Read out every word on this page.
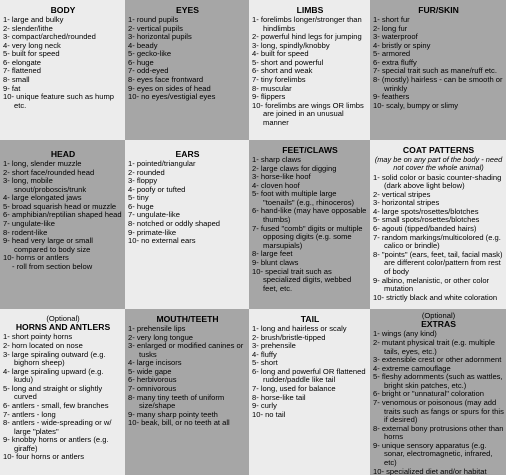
BODY
1- large and bulky
2- slender/lithe
3- compact/arched/rounded
4- very long neck
5- built for speed
6- elongate
7- flattened
8- small
9- fat
10- unique feature such as hump etc.
EYES
1- round pupils
2- vertical pupils
3- horizontal pupils
4- beady
5- gecko-like
6- huge
7- odd-eyed
8- eyes face frontward
9- eyes on sides of head
10- no eyes/vestigial eyes
LIMBS
1- forelimbs longer/stronger than hindlimbs
2- powerful hind legs for jumping
3- long, spindly/knobby
4- built for speed
5- short and powerful
6- short and weak
7- tiny forelimbs
8- muscular
9- flippers
10- forelimbs are wings OR limbs are joined in an unusual manner
FUR/SKIN
1- short fur
2- long fur
3- waterproof
4- bristly or spiny
5- armored
6- extra fluffy
7- special trait such as mane/ruff etc.
8- (mostly) hairless - can be smooth or wrinkly
9- feathers
10- scaly, bumpy or slimy
HEAD
1- long, slender muzzle
2- short face/rounded head
3- long, mobile snout/proboscis/trunk
4- large elongated jaws
5- broad squarish head or muzzle
6- amphibian/reptilian shaped head
7- ungulate-like
8- rodent-like
9- head very large or small compared to body size
10- horns or antlers
- roll from section below
EARS
1- pointed/triangular
2- rounded
3- floppy
4- poofy or tufted
5- tiny
6- huge
7- ungulate-like
8- notched or oddly shaped
9- primate-like
10- no external ears
FEET/CLAWS
1- sharp claws
2- large claws for digging
3- horse-like hoof
4- cloven hoof
5- foot with multiple large "toenails" (e.g., rhinoceros)
6- hand-like (may have opposable thumbs)
7- fused "comb" digits or multiple opposing digits (e.g. some marsupials)
8- large feet
9- blunt claws
10- special trait such as specialized digits, webbed feet, etc.
COAT PATTERNS
(may be on any part of the body - need not cover the whole animal)
1- solid color or basic counter-shading (dark above light below)
2- vertical stripes
3- horizontal stripes
4- large spots/rosettes/blotches
5- small spots/rosettes/blotches
6- agouti (tipped/banded hairs)
7- random markings/multicolored (e.g. calico or brindle)
8- "points" (ears, feet, tail, facial mask) are different color/pattern from rest of body
9- albino, melanistic, or other color mutation
10- strictly black and white coloration
(Optional)
HORNS AND ANTLERS
1- short pointy horns
2- horn located on nose
3- large spiraling outward (e.g. bighorn sheep)
4- large spiraling upward (e.g. kudu)
5- long and straight or slightly curved
6- antlers - small, few branches
7- antlers - long
8- antlers - wide-spreading or w/ large "plates"
9- knobby horns or antlers (e.g. giraffe)
10- four horns or antlers
MOUTH/TEETH
1- prehensile lips
2- very long tongue
3- enlarged or modified canines or tusks
4- large incisors
5- wide gape
6- herbivorous
7- omnivorous
8- many tiny teeth of uniform size/shape
9- many sharp pointy teeth
10- beak, bill, or no teeth at all
TAIL
1- long and hairless or scaly
2- brush/bristle-tipped
3- prehensile
4- fluffy
5- short
6- long and powerful OR flattened rudder/paddle like tail
7- long, used for balance
8- horse-like tail
9- curly
10- no tail
(Optional)
EXTRAS
1- wings (any kind)
2- mutant physical trait (e.g. multiple tails, eyes, etc.)
3- extensible crest or other adornment
4- extreme camouflage
5- fleshy adornments (such as wattles, bright skin patches, etc.)
6- bright or "unnatural" coloration
7- venomous or poisonous (may add traits such as fangs or spurs for this if desired)
8- external bony protrusions other than horns
9- unique sensory apparatus (e.g. sonar, electromagnetic, infrared, etc)
10- specialized diet and/or habitat
